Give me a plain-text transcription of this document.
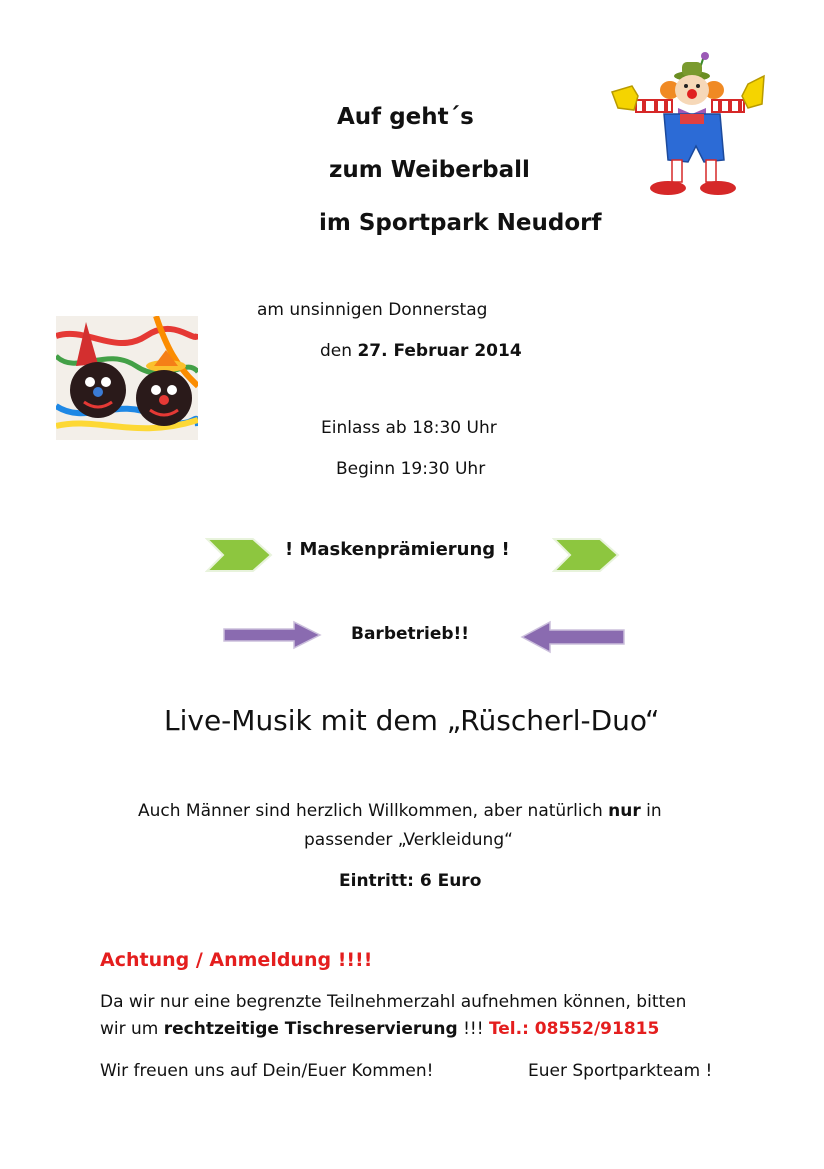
Auf geht´s
zum Weiberball
im Sportpark Neudorf
am unsinnigen Donnerstag
den 27. Februar 2014
Einlass ab 18:30 Uhr
Beginn 19:30 Uhr
! Maskenprämierung !
Barbetrieb!!
Live-Musik mit dem „Rüscherl-Duo“
Auch Männer sind herzlich Willkommen, aber natürlich nur in
passender „Verkleidung“
Eintritt: 6 Euro
Achtung / Anmeldung !!!!
Da wir nur eine begrenzte Teilnehmerzahl aufnehmen können, bitten
wir um rechtzeitige Tischreservierung !!! Tel.: 08552/91815
Wir freuen uns auf Dein/Euer Kommen!	Euer Sportparkteam !
